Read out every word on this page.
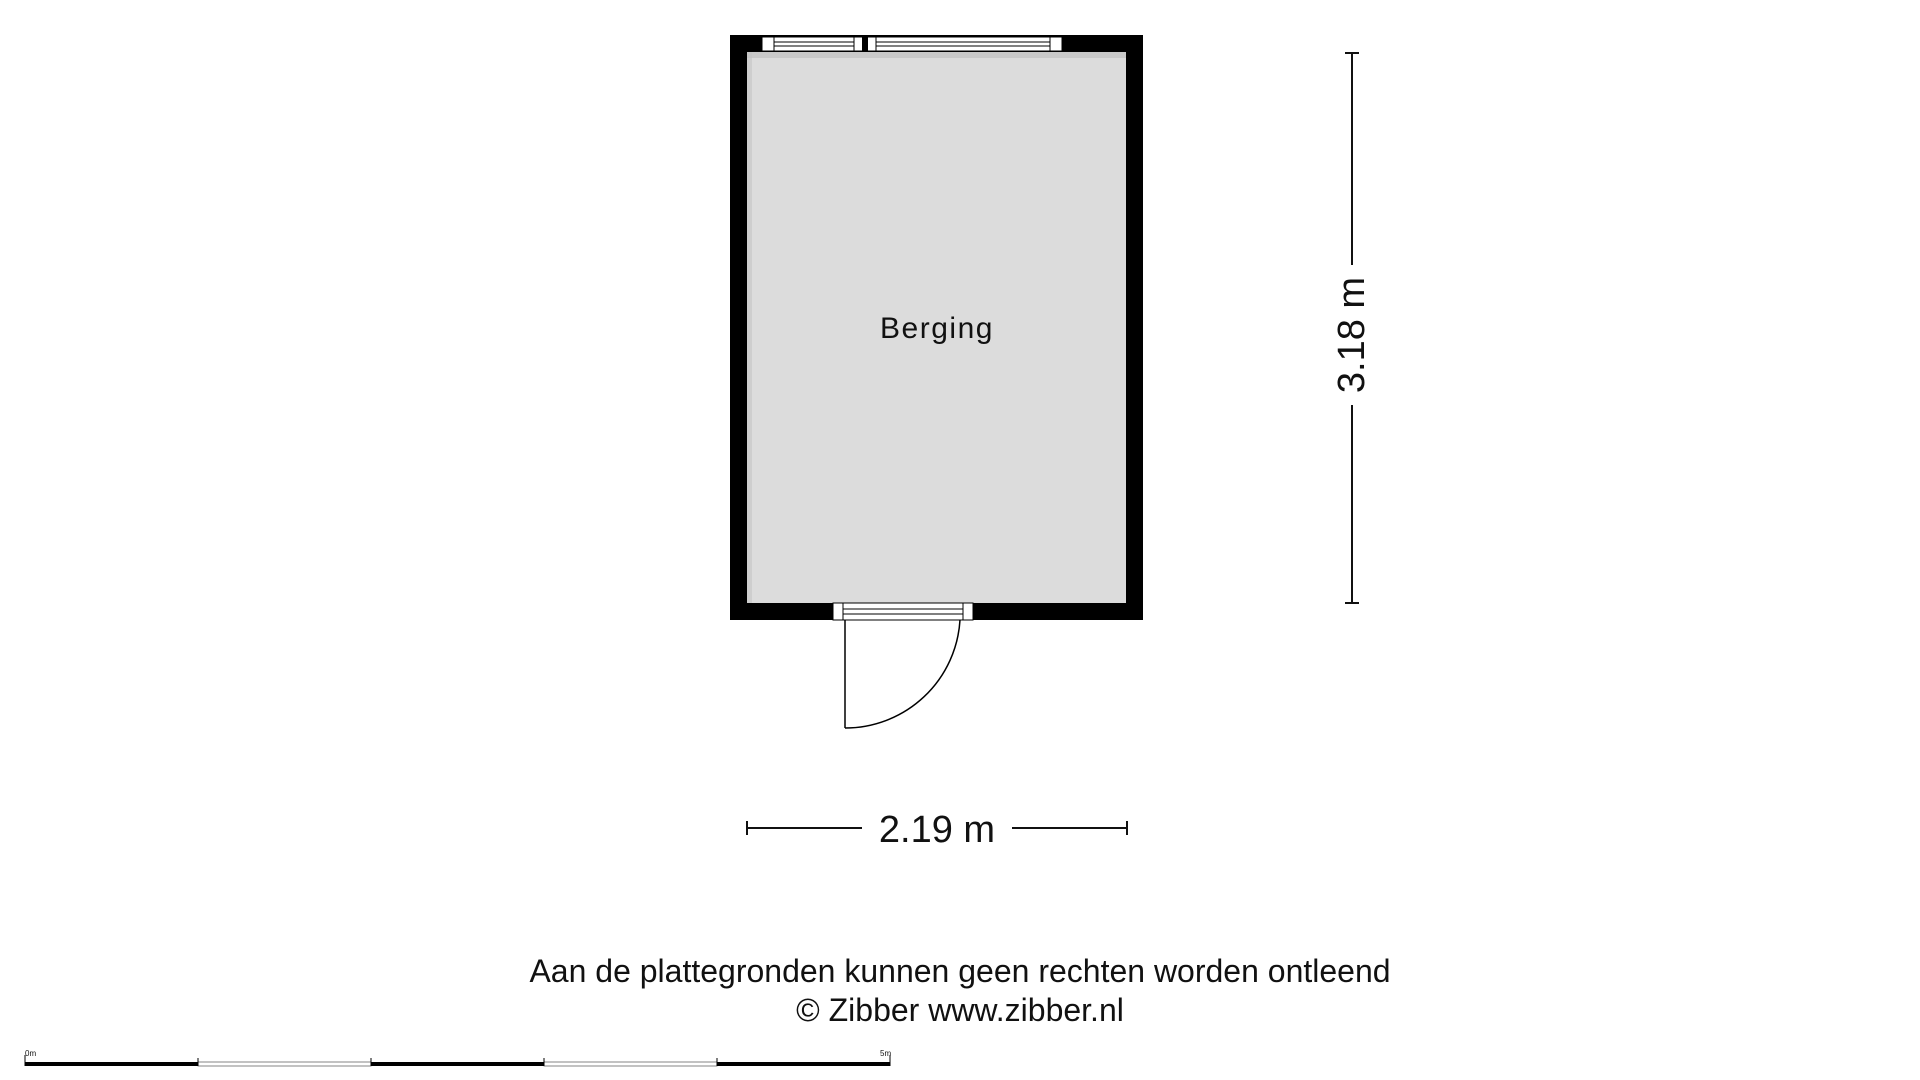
Berging	3.18 m
2.19 m
0m	5m
Aan de plattegronden kunnen geen rechten worden ontleend
© Zibber www.zibber.nl
